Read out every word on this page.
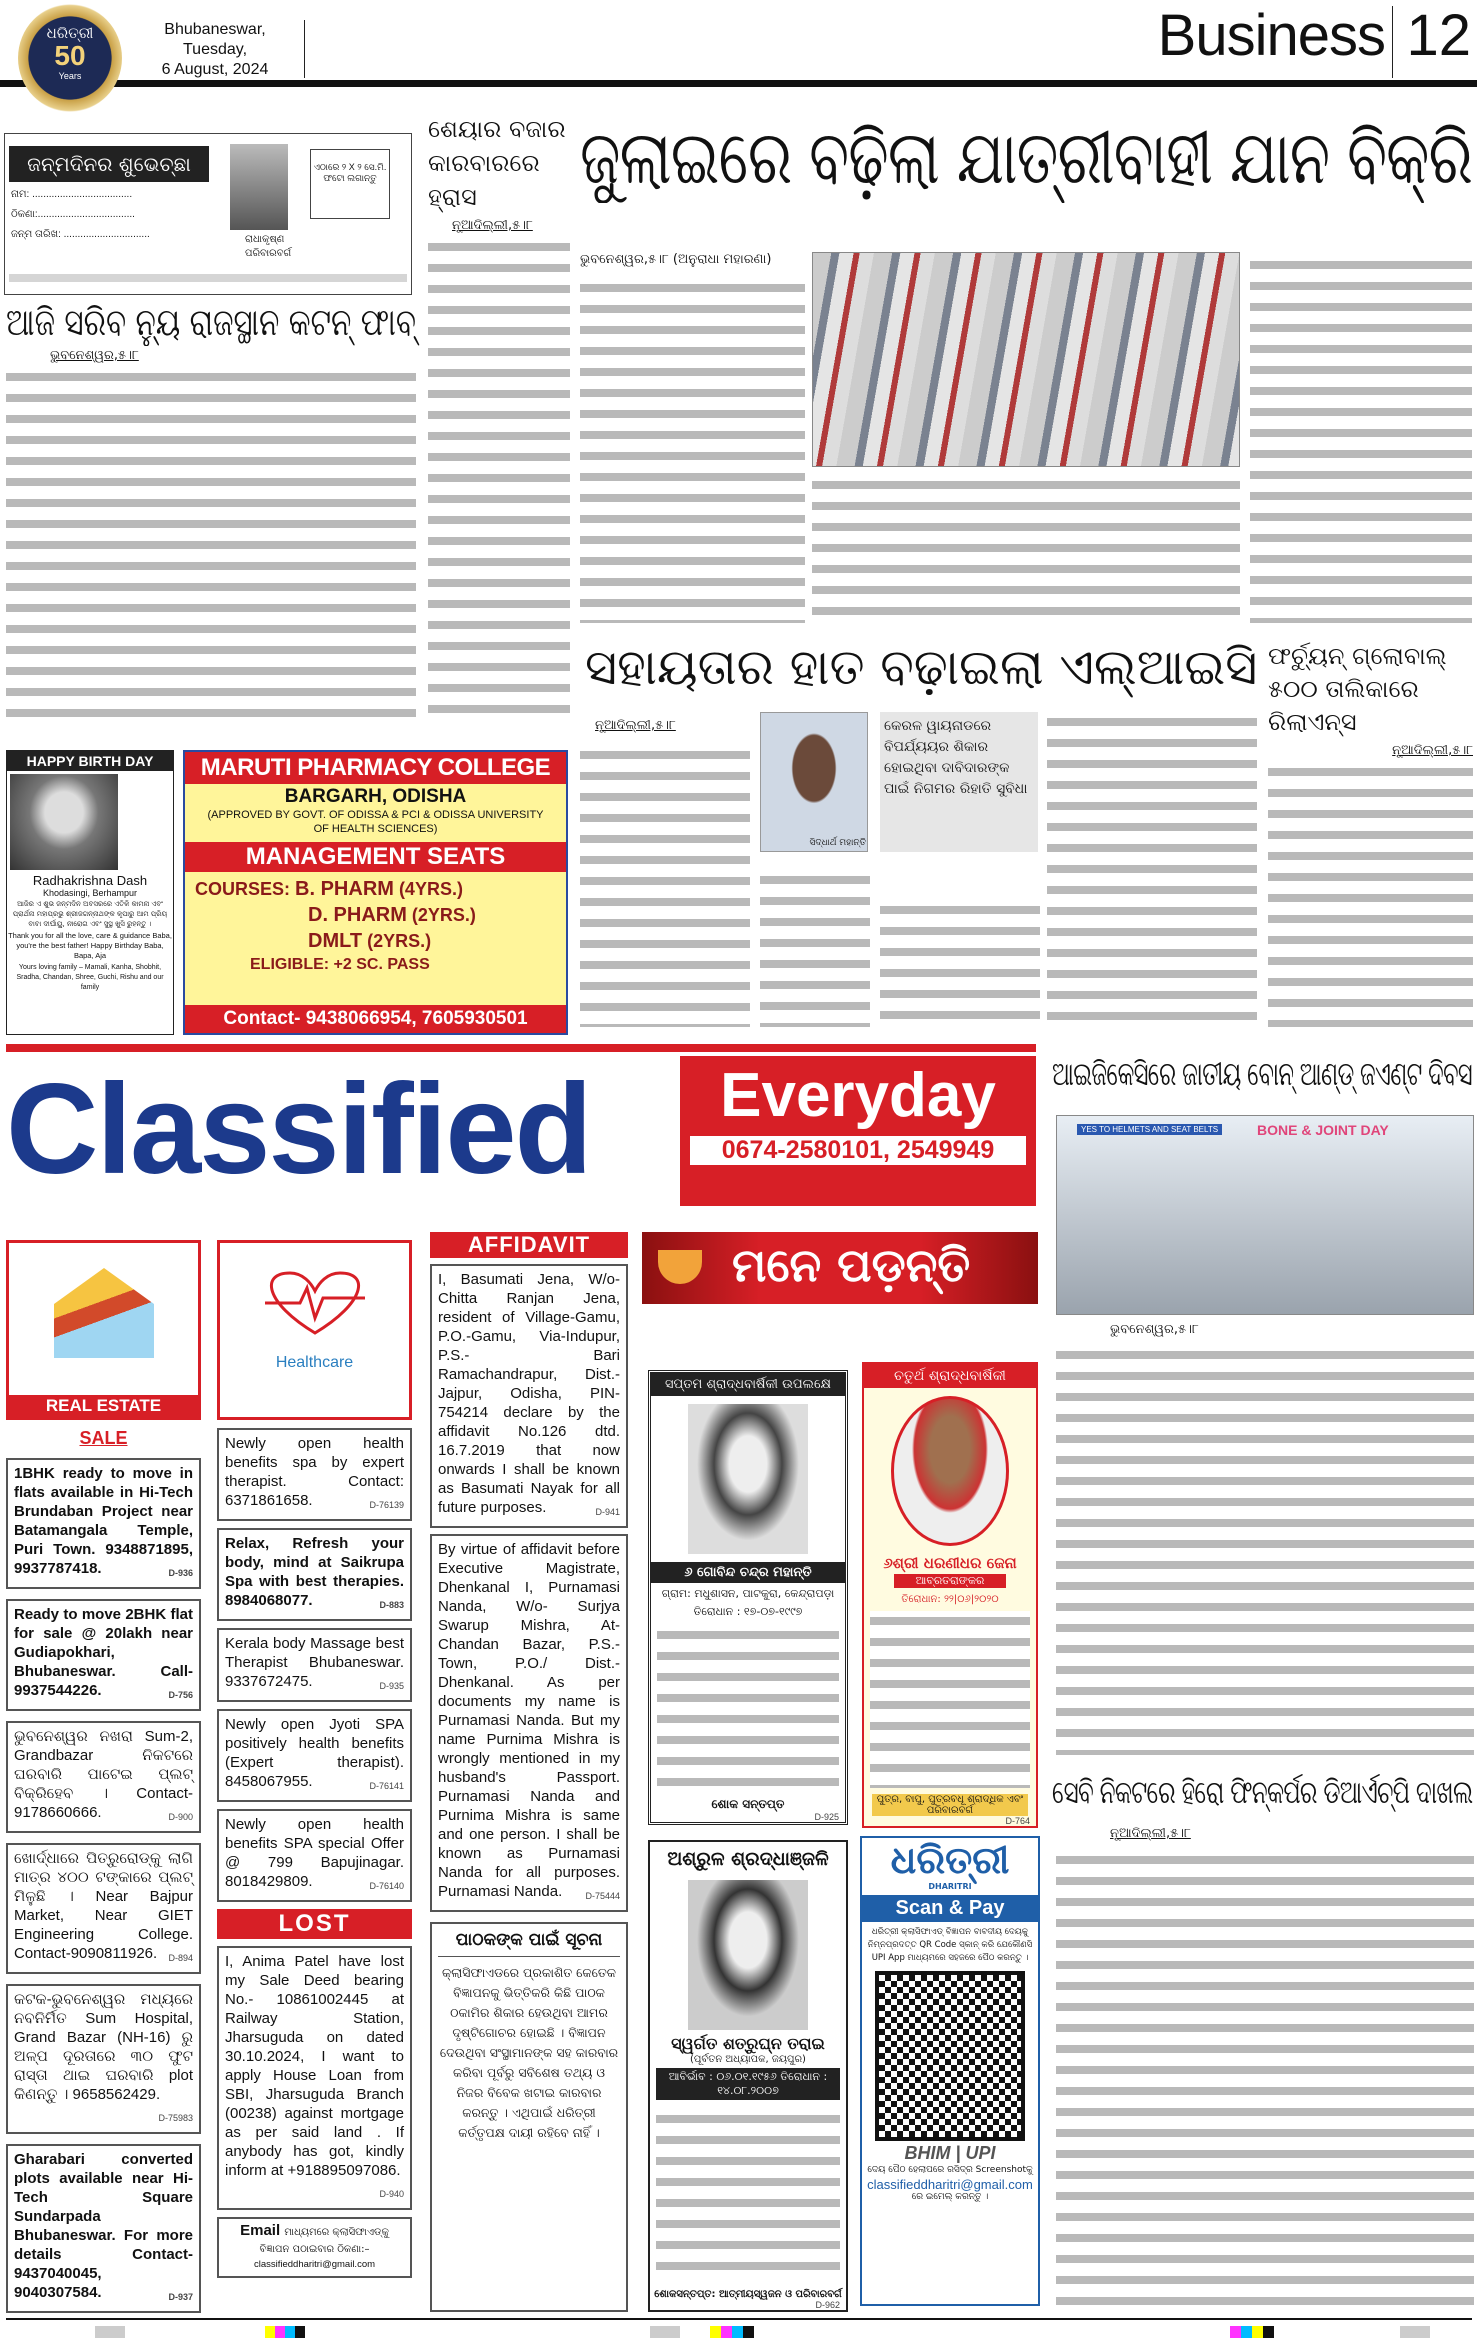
ଧରିତ୍ରୀ
50
Years
Bhubaneswar, Tuesday,
6 August, 2024
Business 12
ଜନ୍ମଦିନର ଶୁଭେଚ୍ଛା	ଏଠାରେ ୨ X ୨ ସେ.ମି. ଫଟୋ ଲଗାନ୍ତୁ
ନାମ: ....................................
ଠିକଣା:...................................
ଜନ୍ମ ତାରିଖ: ...............................	ରାଧାକୃଷ୍ଣ
ପରିବାରବର୍ଗ
ଆଜି ସରିବ ନ୍ୟୁ ରାଜସ୍ଥାନ କଟନ୍ ଫାବ୍
ଭୁବନେଶ୍ୱର,୫।୮
ଶେୟାର ବଜାର କାରବାରରେ ହ୍ରାସ
ନୂଆଦିଲ୍ଲୀ,୫।୮
ଜୁଲାଇରେ ବଢ଼ିଲା ଯାତ୍ରୀବାହୀ ଯାନ ବିକ୍ରି
ଭୁବନେଶ୍ୱର,୫।୮ (ଅନୁରାଧା ମହାରଣା)
ସହାୟତାର ହାତ ବଢ଼ାଇଲା ଏଲ୍ଆଇସି
ନୂଆଦିଲ୍ଲୀ,୫।୮
ସିଦ୍ଧାର୍ଥ ମହାନ୍ତି
କେରଳ ୱାୟନାଡରେ ବିପର୍ଯ୍ୟୟର ଶିକାର ହୋଇଥିବା ଦାବିଦାରଙ୍କ ପାଇଁ ନିଗମର ରିହାତି ସୁବିଧା
ଫର୍ଚ୍ୟୁନ୍ ଗ୍ଲୋବାଲ୍ ୫୦୦ ତାଲିକାରେ ରିଲାଏନ୍ସ
ନୂଆଦିଲ୍ଲୀ,୫।୮
HAPPY BIRTH DAY
Radhakrishna Dash
Khodasingi, Berhampur
ଆଜିର ଏ ଶୁଭ ଜନ୍ମଦିନ ଅବସରରେ ଏତିକି କାମନା ଏବଂ ପ୍ରାର୍ଥନା ମହାପ୍ରଭୁ ଶ୍ରୀଜଗନ୍ନାଥଙ୍କ କୃପାରୁ ଆମ ପ୍ରିୟ ବାବା ଦୀର୍ଘାୟୁ, ନୀରୋଗ ଏବଂ ସୁସ୍ଥ ଖୁସି ରୁହନ୍ତୁ ।
Thank you for all the love, care & guidance Baba, you're the best father! Happy Birthday Baba, Bapa, Aja
Yours loving family – Mamali, Kanha, Shobhit, Sradha, Chandan, Shree, Guchi, Rishu and our family
MARUTI PHARMACY COLLEGE
BARGARH, ODISHA
(APPROVED BY GOVT. OF ODISSA & PCI & ODISSA UNIVERSITY OF HEALTH SCIENCES)
MANAGEMENT SEATS
COURSES: B. PHARM (4YRS.)
D. PHARM (2YRS.)
DMLT (2YRS.)
ELIGIBLE: +2 SC. PASS
Contact- 9438066954, 7605930501
Classified	Everyday
0674-2580101, 2549949
ଆଇଜିକେସିରେ ଜାତୀୟ ବୋନ୍ ଆଣ୍ଡ୍ ଜଏଣ୍ଟ ଦିବସ
YES TO HELMETS AND SEAT BELTS	BONE & JOINT DAY
ଭୁବନେଶ୍ୱର,୫।୮
ସେବି ନିକଟରେ ହିରୋ ଫିନ୍କର୍ପର ଡିଆର୍ଏଚ୍ପି ଦାଖଲ
ନୂଆଦିଲ୍ଲୀ,୫।୮
REAL ESTATE
SALE
1BHK ready to move in flats available in Hi-Tech Brundaban Project near Batamangala Temple, Puri Town. 9348871895, 9937787418.	D-936
Ready to move 2BHK flat for sale @ 20lakh near Gudiapokhari, Bhubaneswar. Call-9937544226.	D-756
ଭୁବନେଶ୍ୱର ନଖରା Sum-2, Grandbazar ନିକଟରେ ଘରବାରି ପାଟେଇ ପ୍ଲଟ୍ ବିକ୍ରିହେବ । Contact-9178660666.	D-900
ଖୋର୍ଦ୍ଧାରେ ପିତ୍ରୁରୋଡ୍କୁ ଲାଗି ମାତ୍ର ୪୦୦ ଟଙ୍କାରେ ପ୍ଲଟ୍ ମିଳୁଛି । Near Bajpur Market, Near GIET Engineering College. Contact-9090811926. D-894
କଟକ-ଭୁବନେଶ୍ୱର ମଧ୍ୟରେ ନବନିର୍ମିତ Sum Hospital, Grand Bazar (NH-16) ରୁ ଅଳ୍ପ ଦୂରତାରେ ୩୦ ଫୁଟ ରାସ୍ତା ଥାଇ ଘରବାରି plot କିଣନ୍ତୁ । 9658562429.
D-75983
Gharabari converted plots available near Hi-Tech Square Sundarpada Bhubaneswar. For more details Contact- 9437040045, 9040307584.	D-937
Healthcare
Newly open health benefits spa by expert therapist. Contact: 6371861658.	D-76139
Relax, Refresh your body, mind at Saikrupa Spa with best therapies. 8984068077.	D-883
Kerala body Massage best Therapist Bhubaneswar. 9337672475.	D-935
Newly open Jyoti SPA positively health benefits (Expert therapist). 8458067955.	D-76141
Newly open health benefits SPA special Offer @ 799 Bapujinagar. 8018429809.	D-76140
LOST
I, Anima Patel have lost my Sale Deed bearing No.- 10861002445 at Railway Station, Jharsuguda on dated 30.10.2024, I want to apply House Loan from SBI, Jharsuguda Branch (00238) against mortgage as per said land . If anybody has got, kindly inform at +918895097086.
D-940
Email ମାଧ୍ୟମରେ କ୍ଲାସିଫାଏଡ୍କୁ ବିଜ୍ଞାପନ ପଠାଇବାର ଠିକଣା:–
classifieddharitri@gmail.com
AFFIDAVIT
I, Basumati Jena, W/o- Chitta Ranjan Jena, resident of Village-Gamu, P.O.-Gamu, Via-Indupur, P.S.- Bari Ramachandrapur, Dist.- Jajpur, Odisha, PIN-754214 declare by the affidavit No.126 dtd. 16.7.2019 that now onwards I shall be known as Basumati Nayak for all future purposes.	D-941
By virtue of affidavit before Executive Magistrate, Dhenkanal I, Purnamasi Nanda, W/o- Surjya Swarup Mishra, At-Chandan Bazar, P.S.-Town, P.O./ Dist.-Dhenkanal. As per documents my name is Purnamasi Nanda. But my name Purnima Mishra is wrongly mentioned in my husband's Passport. Purnamasi Nanda and Purnima Mishra is same and one person. I shall be known as Purnamasi Nanda for all purposes. Purnamasi Nanda.	D-75444
ପାଠକଙ୍କ ପାଇଁ ସୂଚନା
କ୍ଲାସିଫାଏଡରେ ପ୍ରକାଶିତ କେତେକ ବିଜ୍ଞାପନକୁ ଭିତ୍ତିକରି କିଛି ପାଠକ ଠକାମିର ଶିକାର ହେଉଥିବା ଆମର ଦୃଷ୍ଟିଗୋଚର ହୋଇଛି । ବିଜ୍ଞାପନ ଦେଉଥିବା ସଂସ୍ଥାମାନଙ୍କ ସହ କାରବାର କରିବା ପୂର୍ବରୁ ସବିଶେଷ ତଥ୍ୟ ଓ ନିଜର ବିବେକ ଖଟାଇ କାରବାର କରନ୍ତୁ । ଏଥିପାଇଁ ଧରିତ୍ରୀ କର୍ତ୍ତୃପକ୍ଷ ଦାୟୀ ରହିବେ ନାହିଁ ।
ମନେ ପଡ଼ନ୍ତି
ସପ୍ତମ ଶ୍ରାଦ୍ଧବାର୍ଷିକୀ ଉପଲକ୍ଷେ
୬ ଗୋବିନ୍ଦ ଚନ୍ଦ୍ର ମହାନ୍ତି
ଗ୍ରାମ: ମଧୁଶାସନ, ପାଟକୁରା, କେନ୍ଦ୍ରାପଡ଼ା
ତିରୋଧାନ : ୧୭-୦୭-୧୯୯୭
ଶୋକ ସନ୍ତପ୍ତ
D-925
ଚତୁର୍ଥ ଶ୍ରାଦ୍ଧବାର୍ଷିକୀ
୬ଶ୍ରୀ ଧରଣୀଧର ଜେନା
ଆବ୍ରତରାଙ୍କର
ତିରୋଧାନ: ୨୨|୦୬|୨୦୨୦
ପୁତ୍ର, ବାପୁ, ପୁତ୍ରବଧୂ ଶ୍ରାଦ୍ଧିକ ଏବଂ ପରିବାରବର୍ଗ
D-764
ଅଶ୍ରୁଳ ଶ୍ରଦ୍ଧାଞ୍ଜଳି
ସ୍ୱର୍ଗତ ଶତ୍ରୁଘ୍ନ ତରାଇ
(ପୂର୍ବତନ ଅଧ୍ୟାପକ, ଜୟପୁର)
ଆବିର୍ଭାବ : ୦୬.୦୧.୧୯୫୬ ତିରୋଧାନ : ୧୪.୦୮.୨୦୦୭
ଶୋକସନ୍ତପ୍ତ: ଆତ୍ମୀୟସ୍ୱଜନ ଓ ପରିବାରବର୍ଗ
D-962
ଧରିତ୍ରୀ
DHARITRI
Scan & Pay
ଧରିତ୍ରୀ କ୍ଲାସିଫାଏଡ୍ ବିଜ୍ଞାପନ ବାବଦୀୟ ଦେୟକୁ ନିମ୍ନପ୍ରଦତ୍ତ QR Code ସ୍କାନ୍ କରି ଯେକୌଣସି UPI App ମାଧ୍ୟମରେ ସହଜରେ ପୈଠ କରନ୍ତୁ ।
BHIM | UPI
ଦେୟ ପୈଠ ହେଲାପରେ ରସିଦ୍ର Screenshotକୁ
classifieddharitri@gmail.com
ରେ ଇମେଲ୍ କରନ୍ତୁ ।
